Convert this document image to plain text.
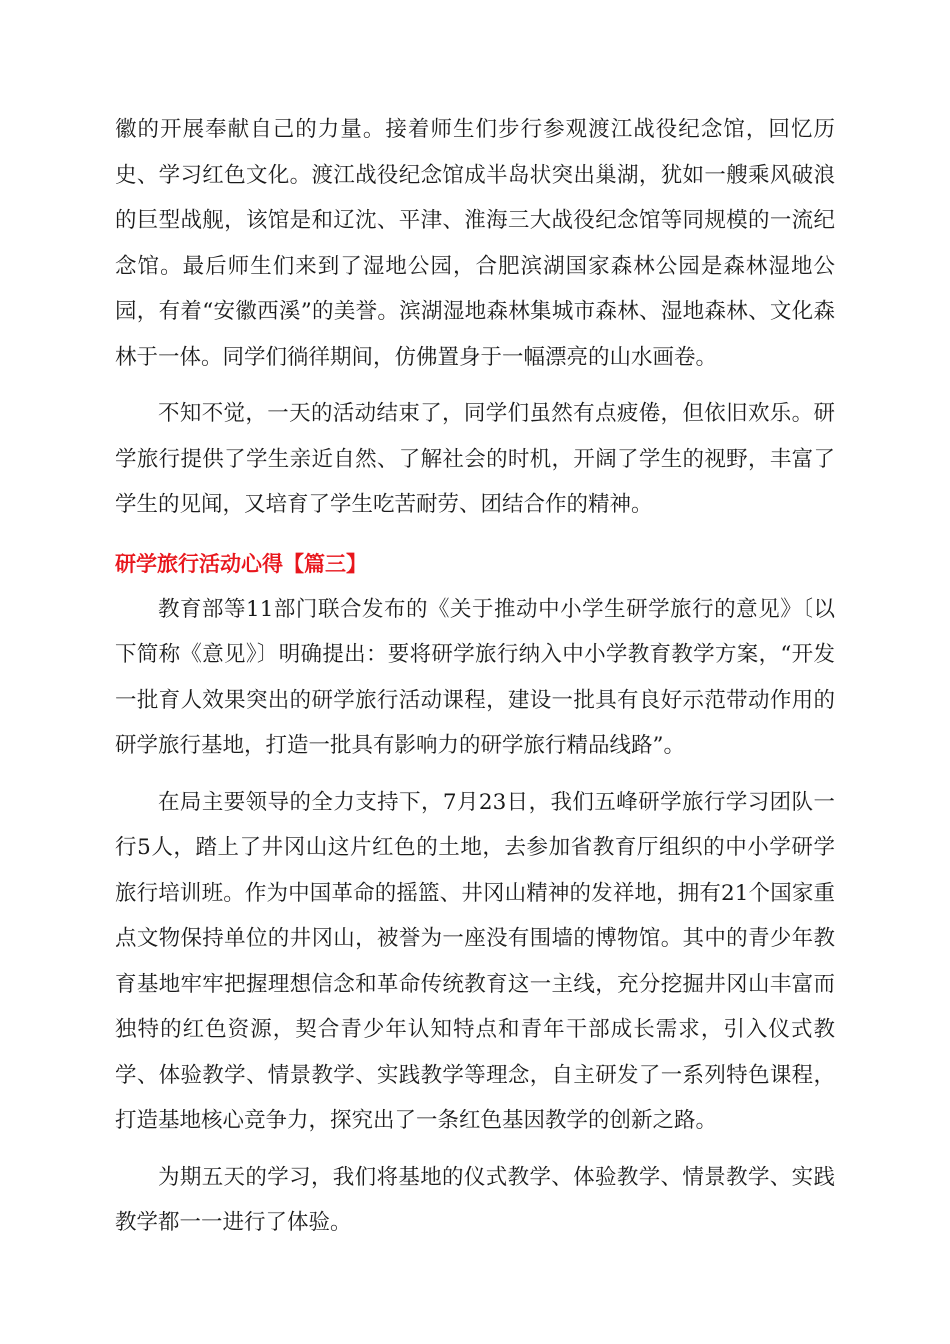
徽的开展奉献自己的力量。接着师生们步行参观渡江战役纪念馆，回忆历史、学习红色文化。渡江战役纪念馆成半岛状突出巢湖，犹如一艘乘风破浪的巨型战舰，该馆是和辽沈、平津、淮海三大战役纪念馆等同规模的一流纪念馆。最后师生们来到了湿地公园，合肥滨湖国家森林公园是森林湿地公园，有着“安徽西溪”的美誉。滨湖湿地森林集城市森林、湿地森林、文化森林于一体。同学们徜徉期间，仿佛置身于一幅漂亮的山水画卷。

不知不觉，一天的活动结束了，同学们虽然有点疲倦，但依旧欢乐。研学旅行提供了学生亲近自然、了解社会的时机，开阔了学生的视野，丰富了学生的见闻，又培育了学生吃苦耐劳、团结合作的精神。

研学旅行活动心得【篇三】

教育部等11部门联合发布的《关于推动中小学生研学旅行的意见》〔以下简称《意见》〕明确提出：要将研学旅行纳入中小学教育教学方案，“开发一批育人效果突出的研学旅行活动课程，建设一批具有良好示范带动作用的研学旅行基地，打造一批具有影响力的研学旅行精品线路”。

在局主要领导的全力支持下，7月23日，我们五峰研学旅行学习团队一行5人，踏上了井冈山这片红色的土地，去参加省教育厅组织的中小学研学旅行培训班。作为中国革命的摇篮、井冈山精神的发祥地，拥有21个国家重点文物保持单位的井冈山，被誉为一座没有围墙的博物馆。其中的青少年教育基地牢牢把握理想信念和革命传统教育这一主线，充分挖掘井冈山丰富而独特的红色资源，契合青少年认知特点和青年干部成长需求，引入仪式教学、体验教学、情景教学、实践教学等理念，自主研发了一系列特色课程，打造基地核心竞争力，探究出了一条红色基因教学的创新之路。

为期五天的学习，我们将基地的仪式教学、体验教学、情景教学、实践教学都一一进行了体验。
